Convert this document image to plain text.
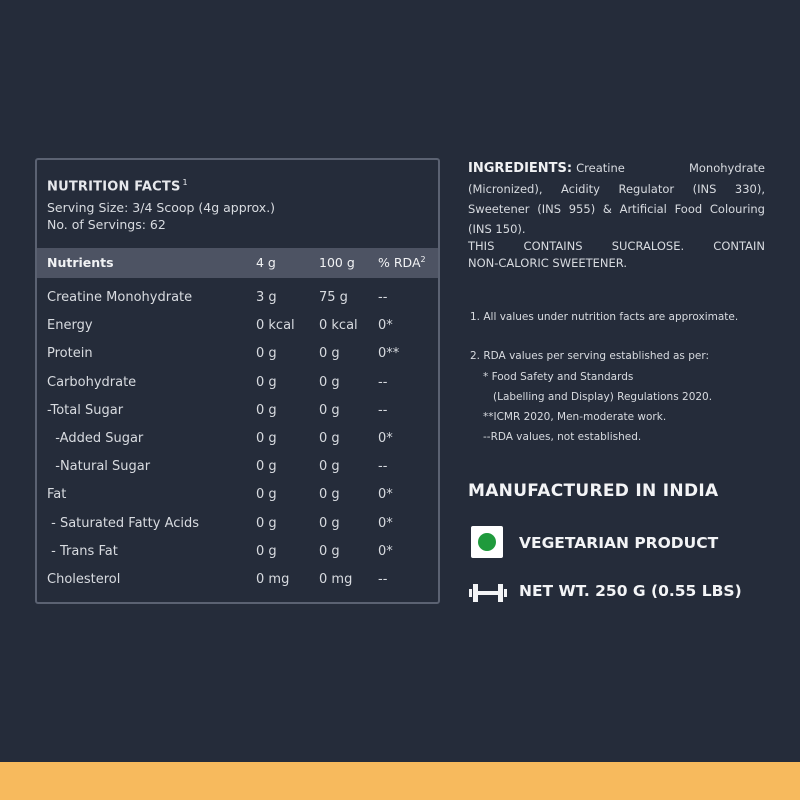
NUTRITION FACTS $^1$
Serving Size: 3/4 Scoop (4g approx.)
No. of Servings: 62
Nutrients	4 g	100 g % RDA$^2$
Creatine Monohydrate	3 g	75 g --
Energy	0 kcal 0 kcal 0*
Protein	0 g	0 g	0**
Carbohydrate	0 g	0 g	--
-Total Sugar	0 g	0 g	--
-Added Sugar	0 g	0 g	0*
-Natural Sugar	0 g	0 g	--
Fat	0 g	0 g	0*
- Saturated Fatty Acids	0 g	0 g	0*
- Trans Fat	0 g	0 g	0*
Cholesterol	0 mg 0 mg --
INGREDIENTS: Creatine Monohydrate (Micronized), Acidity Regulator (INS 330), Sweetener (INS 955) & Artificial Food Colouring (INS 150).
THIS CONTAINS SUCRALOSE. CONTAIN
NON-CALORIC SWEETENER.
1. All values under nutrition facts are approximate.
2. RDA values per serving established as per:
* Food Safety and Standards
(Labelling and Display) Regulations 2020.
**ICMR 2020, Men-moderate work.
--RDA values, not established.
MANUFACTURED IN INDIA
VEGETARIAN PRODUCT
NET WT. 250 G (0.55 LBS)
